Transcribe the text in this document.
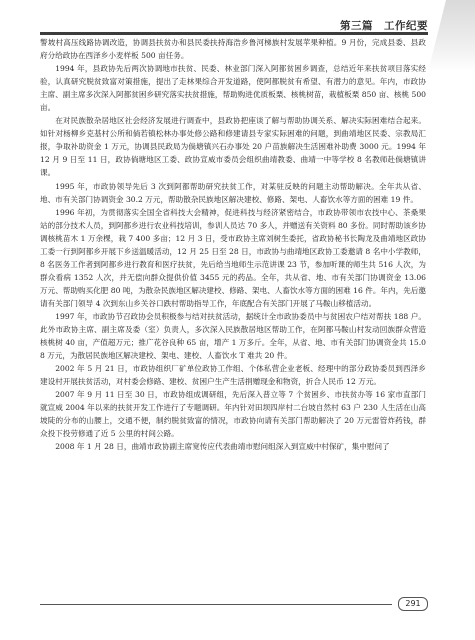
第三篇　工作纪要

警坡村高压线路协调改造，协调县扶贫办和县民委扶持海浩乡鲁河梯族村发展苹果种植。9 月份，完成县委、县政府分给政协在西泽乡小麦样板 500 亩任务。

1994 年，县政协先后两次协调地市扶贫、民委、林业部门深入阿都贫困乡调查，总结近年来扶贫项目落实经验，认真研究脱贫致富对策措施，提出了走林果综合开发道路，使阿都脱贫有希望、有潜力的意见。年内，市政协主席、副主席多次深入阿都贫困乡研究落实扶贫措施，帮助购进优质板栗、核桃树苗，栽植板栗 850 亩、核桃 500 亩。

在对民族散杂居地区社会经济发展进行调查中，县政协把座谈了解与帮助协调关系、解决实际困难结合起来。如针对杨柳乡克基村公所和倘若镇松林办事处修公路和修建请县专家实际困难的问题，到曲靖地区民委、宗教局汇报，争取补助资金 1 万元，协调县民政局为倘塘镇兴石办事处 20 户苗族解决生活困难补助费 3000 元。1994 年 12 月 9 日至 11 日，政协倘塘地区工委、政协宣威市委员会组织曲靖教委、曲靖一中等学校 8 名教师赴倘塘镇讲课。

1995 年，市政协领导先后 3 次到阿都帮助研究扶贫工作，对某驻反映的问题主动帮助解决。全年共从省、地、市有关部门协调资金 30.2 万元，帮助散杂民族地区解决建校、修路、架电、人畜饮水等方面的困难 19 件。

1996 年初，为贯彻落实全国全省科技大会精神，促进科技与经济紧密结合，市政协带领市农技中心、茶桑果站的部分技术人员，到阿都乡进行农业科技培训，参训人员达 70 多人，并赠送有关资料 80 多份。同时帮助该乡协调核桃苗木 1 万余棵，栽 7 400 多亩；12 月 3 日，受市政协主席刘树生委托，省政协秘书长陶龙及曲靖地区政协工委一行到阿都乡开展下乡送温暖活动，12 月 25 日至 28 日，市政协与曲靖地区政协工委邀请 8 名中小学教师，8 名医务工作者到阿都乡进行教育和医疗扶贫，先后给当地师生示范讲课 23 节，参加听课的师生共 516 人次，为群众看病 1352 人次，并无偿向群众提供价值 3455 元的药品。全年，共从省、地、市有关部门协调资金 13.06 万元、帮助购买化肥 80 吨，为散杂民族地区解决建校、修路、架电、人畜饮水等方面的困难 16 件。年内，先后邀请有关部门领导 4 次到东山乡关谷口跌村帮助指导工作，年底配合有关部门开展了马鞍山移植活动。

1997 年，市政协节召政协会员积极参与结对扶贫活动，据统计全市政协委员中与贫困农户结对帮扶 188 户。此外市政协主席、副主席及委（室）负责人，多次深入民族散居地区帮助工作，在阿都马鞍山村发动回族群众营造核桃树 40 亩，产值超万元；推广花谷良种 65 亩，增产 1 万多斤。全年，从省、地、市有关部门协调资金共 15.08 万元，为散居民族地区解决建校、架电、建校、人畜饮水 T 难共 20 件。

2002 年 5 月 21 日，市政协组织厂矿单位政协工作组、个体私营企业老板、经理中的部分政协委员到西泽乡建设村开展扶贫活动，对村委会修路、建校、贫困户生产生活捐赠现金和物资，折合人民币 12 万元。

2007 年 9 月 11 日至 30 日，市政协组成调研组，先后深入普立等 7 个贫困乡、市扶贫办等 16 家市直部门就宣威 2004 年以来的扶贫开发工作进行了专题调研。年内针对田坝四岸村二台坡自然村 63 户 230 人生活在山高坡陡的分布的山腰上，交通不便，制约脱贫致富的情况，市政协向请有关部门帮助解决了 20 万元雷管炸药钱，群众投下投劳修通了近 5 公里的村间公路。

2008 年 1 月 28 日，曲靖市政协副主席宽传应代表曲靖市慰问组深入到宣威中村保矿，集中慰问了

291
